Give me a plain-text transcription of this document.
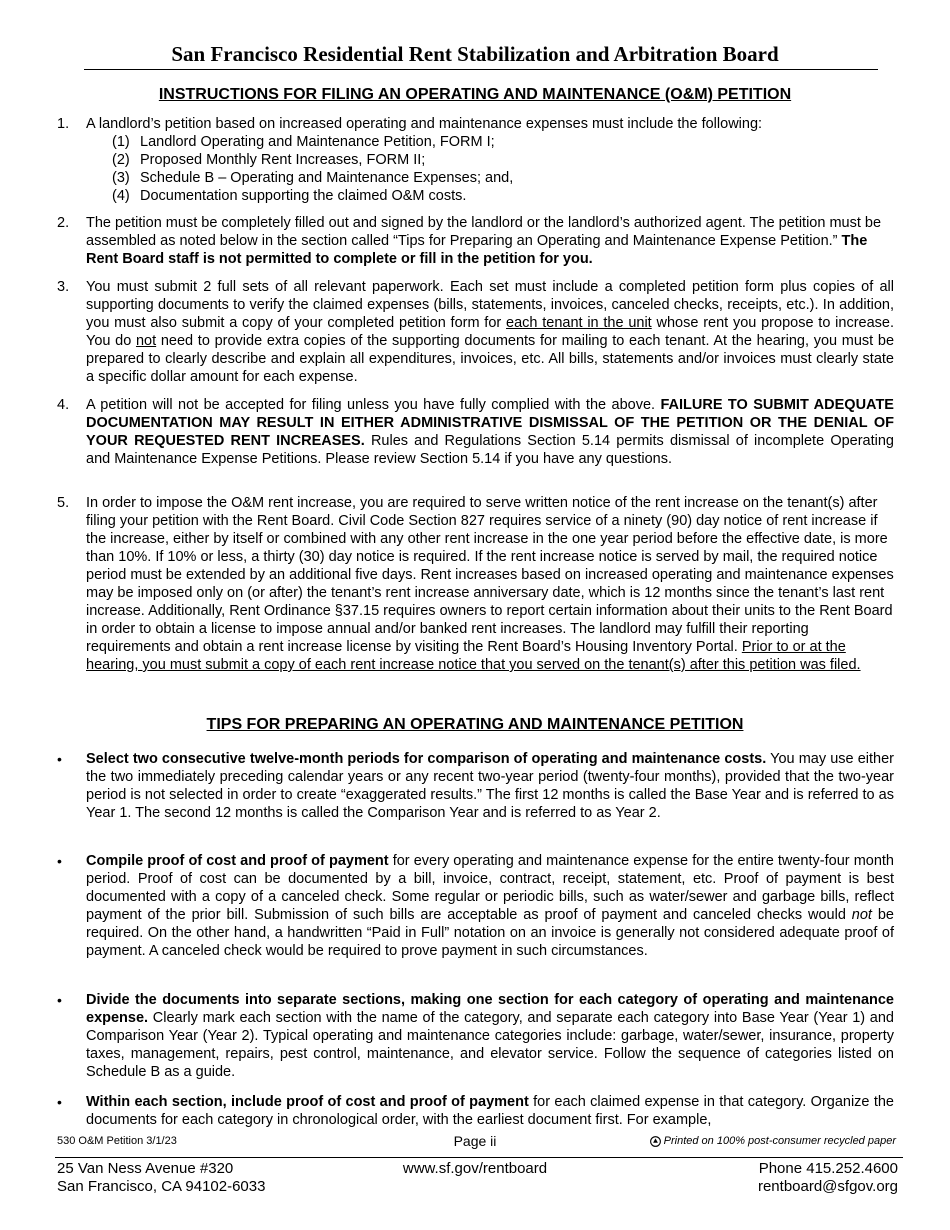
San Francisco Residential Rent Stabilization and Arbitration Board
INSTRUCTIONS FOR FILING AN OPERATING AND MAINTENANCE (O&M) PETITION
1. A landlord’s petition based on increased operating and maintenance expenses must include the following:
(1) Landlord Operating and Maintenance Petition, FORM I;
(2) Proposed Monthly Rent Increases, FORM II;
(3) Schedule B – Operating and Maintenance Expenses; and,
(4) Documentation supporting the claimed O&M costs.
2. The petition must be completely filled out and signed by the landlord or the landlord’s authorized agent. The petition must be assembled as noted below in the section called “Tips for Preparing an Operating and Maintenance Expense Petition.” The Rent Board staff is not permitted to complete or fill in the petition for you.
3. You must submit 2 full sets of all relevant paperwork. Each set must include a completed petition form plus copies of all supporting documents to verify the claimed expenses (bills, statements, invoices, canceled checks, receipts, etc.). In addition, you must also submit a copy of your completed petition form for each tenant in the unit whose rent you propose to increase. You do not need to provide extra copies of the supporting documents for mailing to each tenant. At the hearing, you must be prepared to clearly describe and explain all expenditures, invoices, etc. All bills, statements and/or invoices must clearly state a specific dollar amount for each expense.
4. A petition will not be accepted for filing unless you have fully complied with the above. FAILURE TO SUBMIT ADEQUATE DOCUMENTATION MAY RESULT IN EITHER ADMINISTRATIVE DISMISSAL OF THE PETITION OR THE DENIAL OF YOUR REQUESTED RENT INCREASES. Rules and Regulations Section 5.14 permits dismissal of incomplete Operating and Maintenance Expense Petitions. Please review Section 5.14 if you have any questions.
5. In order to impose the O&M rent increase, you are required to serve written notice of the rent increase on the tenant(s) after filing your petition with the Rent Board. Civil Code Section 827 requires service of a ninety (90) day notice of rent increase if the increase, either by itself or combined with any other rent increase in the one year period before the effective date, is more than 10%. If 10% or less, a thirty (30) day notice is required. If the rent increase notice is served by mail, the required notice period must be extended by an additional five days. Rent increases based on increased operating and maintenance expenses may be imposed only on (or after) the tenant’s rent increase anniversary date, which is 12 months since the tenant’s last rent increase. Additionally, Rent Ordinance §37.15 requires owners to report certain information about their units to the Rent Board in order to obtain a license to impose annual and/or banked rent increases. The landlord may fulfill their reporting requirements and obtain a rent increase license by visiting the Rent Board’s Housing Inventory Portal. Prior to or at the hearing, you must submit a copy of each rent increase notice that you served on the tenant(s) after this petition was filed.
TIPS FOR PREPARING AN OPERATING AND MAINTENANCE PETITION
• Select two consecutive twelve-month periods for comparison of operating and maintenance costs. You may use either the two immediately preceding calendar years or any recent two-year period (twenty-four months), provided that the two-year period is not selected in order to create “exaggerated results.” The first 12 months is called the Base Year and is referred to as Year 1. The second 12 months is called the Comparison Year and is referred to as Year 2.
• Compile proof of cost and proof of payment for every operating and maintenance expense for the entire twenty-four month period. Proof of cost can be documented by a bill, invoice, contract, receipt, statement, etc. Proof of payment is best documented with a copy of a canceled check. Some regular or periodic bills, such as water/sewer and garbage bills, reflect payment of the prior bill. Submission of such bills are acceptable as proof of payment and canceled checks would not be required. On the other hand, a handwritten “Paid in Full” notation on an invoice is generally not considered adequate proof of payment. A canceled check would be required to prove payment in such circumstances.
• Divide the documents into separate sections, making one section for each category of operating and maintenance expense. Clearly mark each section with the name of the category, and separate each category into Base Year (Year 1) and Comparison Year (Year 2). Typical operating and maintenance categories include: garbage, water/sewer, insurance, property taxes, management, repairs, pest control, maintenance, and elevator service. Follow the sequence of categories listed on Schedule B as a guide.
• Within each section, include proof of cost and proof of payment for each claimed expense in that category. Organize the documents for each category in chronological order, with the earliest document first. For example,
530 O&M Petition 3/1/23	Page ii	Printed on 100% post-consumer recycled paper
25 Van Ness Avenue #320
San Francisco, CA 94102-6033
www.sf.gov/rentboard	Phone 415.252.4600
rentboard@sfgov.org
